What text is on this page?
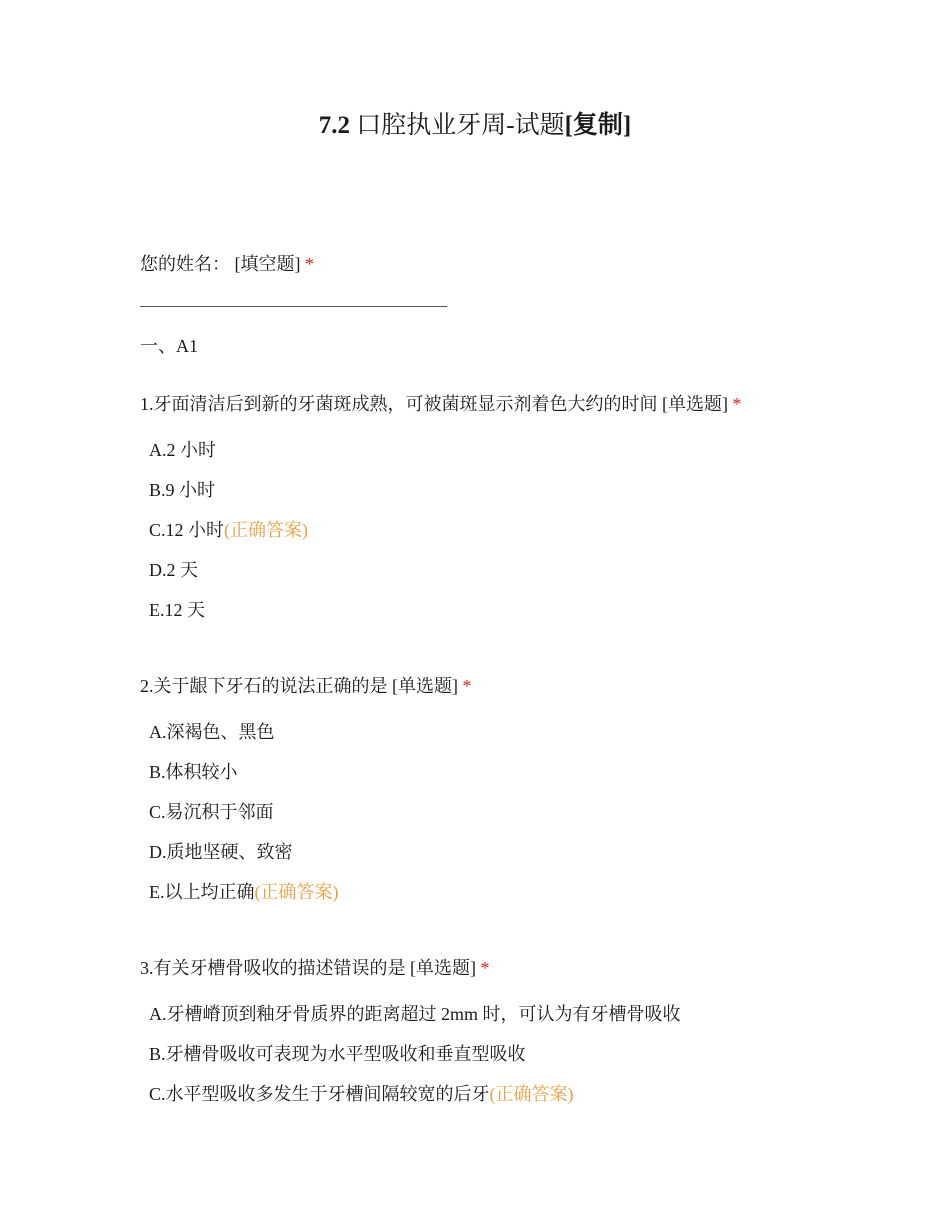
7.2 口腔执业牙周-试题[复制]
您的姓名： [填空题] *
一、A1
1.牙面清洁后到新的牙菌斑成熟，可被菌斑显示剂着色大约的时间 [单选题] *
A.2 小时
B.9 小时
C.12 小时(正确答案)
D.2 天
E.12 天
2.关于龈下牙石的说法正确的是 [单选题] *
A.深褐色、黑色
B.体积较小
C.易沉积于邻面
D.质地坚硬、致密
E.以上均正确(正确答案)
3.有关牙槽骨吸收的描述错误的是 [单选题] *
A.牙槽嵴顶到釉牙骨质界的距离超过 2mm 时，可认为有牙槽骨吸收
B.牙槽骨吸收可表现为水平型吸收和垂直型吸收
C.水平型吸收多发生于牙槽间隔较宽的后牙(正确答案)
